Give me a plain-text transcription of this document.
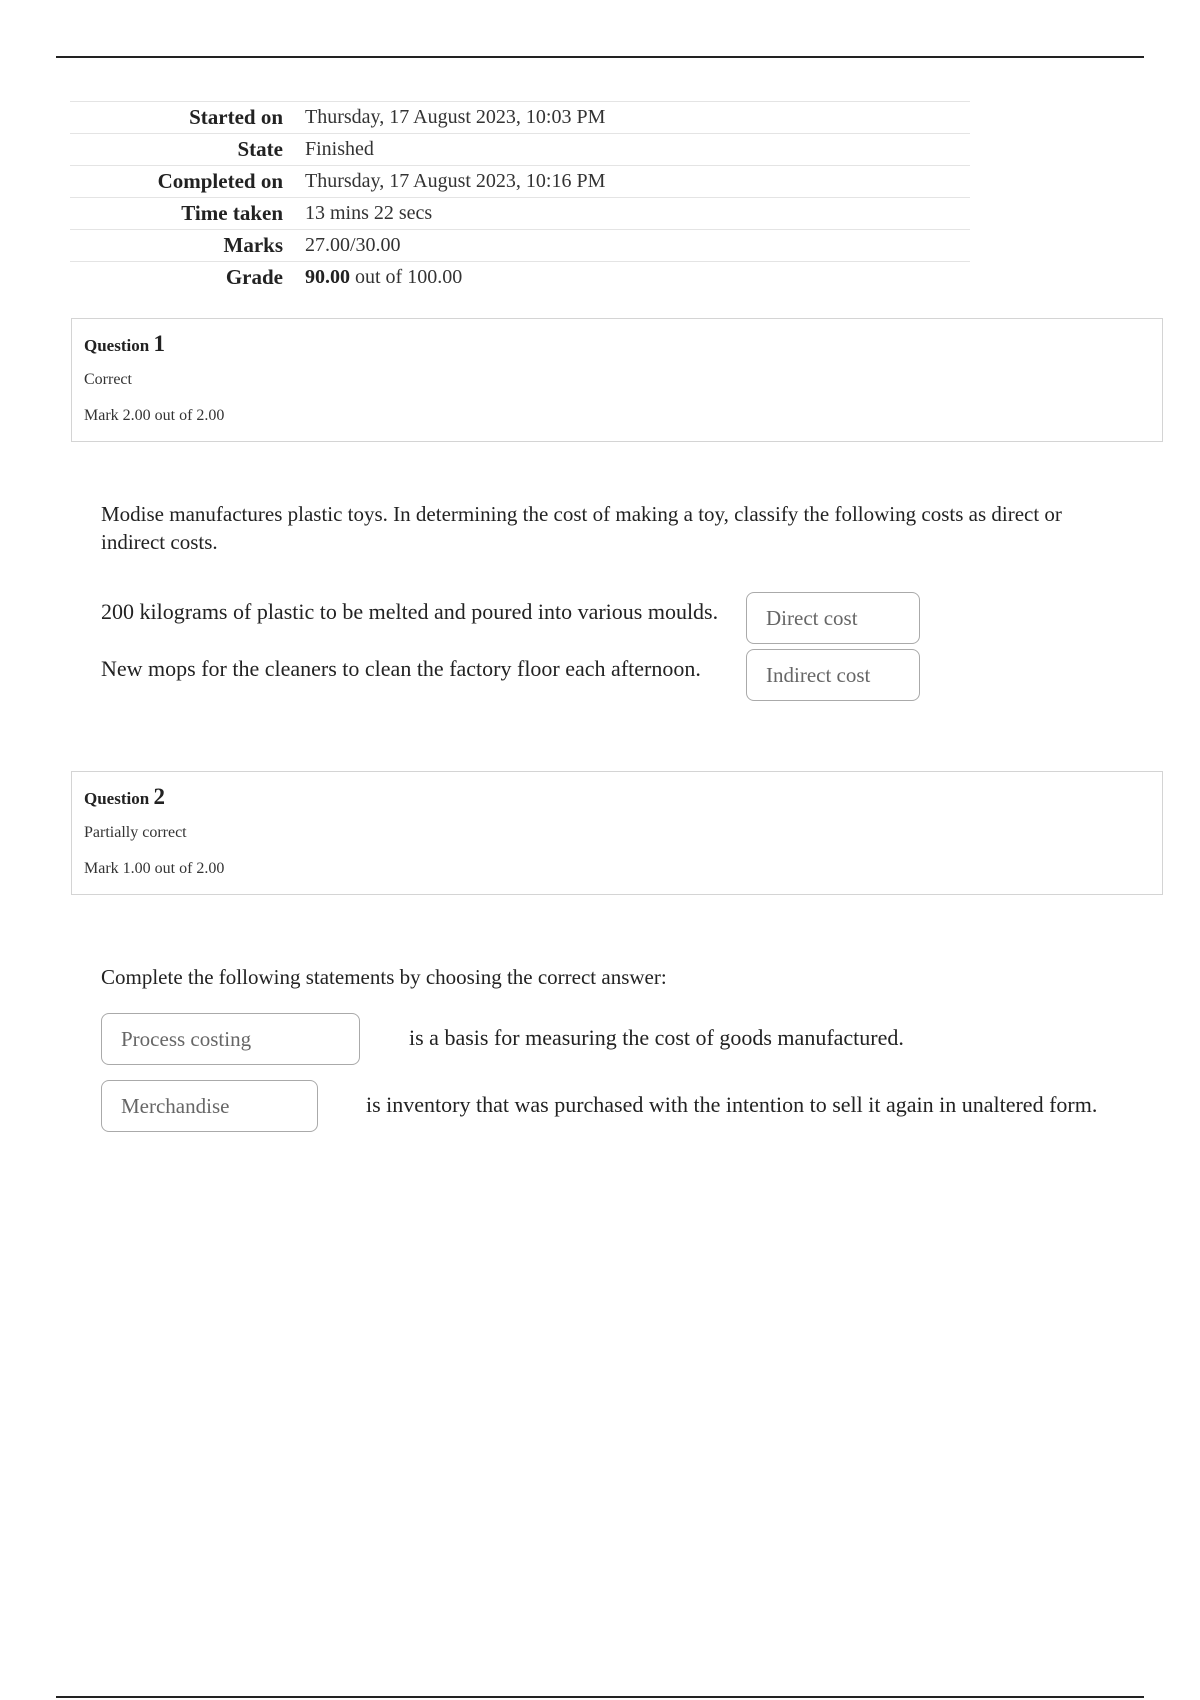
Started on	Thursday, 17 August 2023, 10:03 PM
State	Finished
Completed on	Thursday, 17 August 2023, 10:16 PM
Time taken	13 mins 22 secs
Marks	27.00/30.00
Grade	90.00 out of 100.00
Question 1
Correct
Mark 2.00 out of 2.00
Modise manufactures plastic toys. In determining the cost of making a toy, classify the following costs as direct or indirect costs.
200 kilograms of plastic to be melted and poured into various moulds.	Direct cost
New mops for the cleaners to clean the factory floor each afternoon.	Indirect cost
Question 2
Partially correct
Mark 1.00 out of 2.00
Complete the following statements by choosing the correct answer:
Process costing	is a basis for measuring the cost of goods manufactured.
Merchandise	is inventory that was purchased with the intention to sell it again in unaltered form.
